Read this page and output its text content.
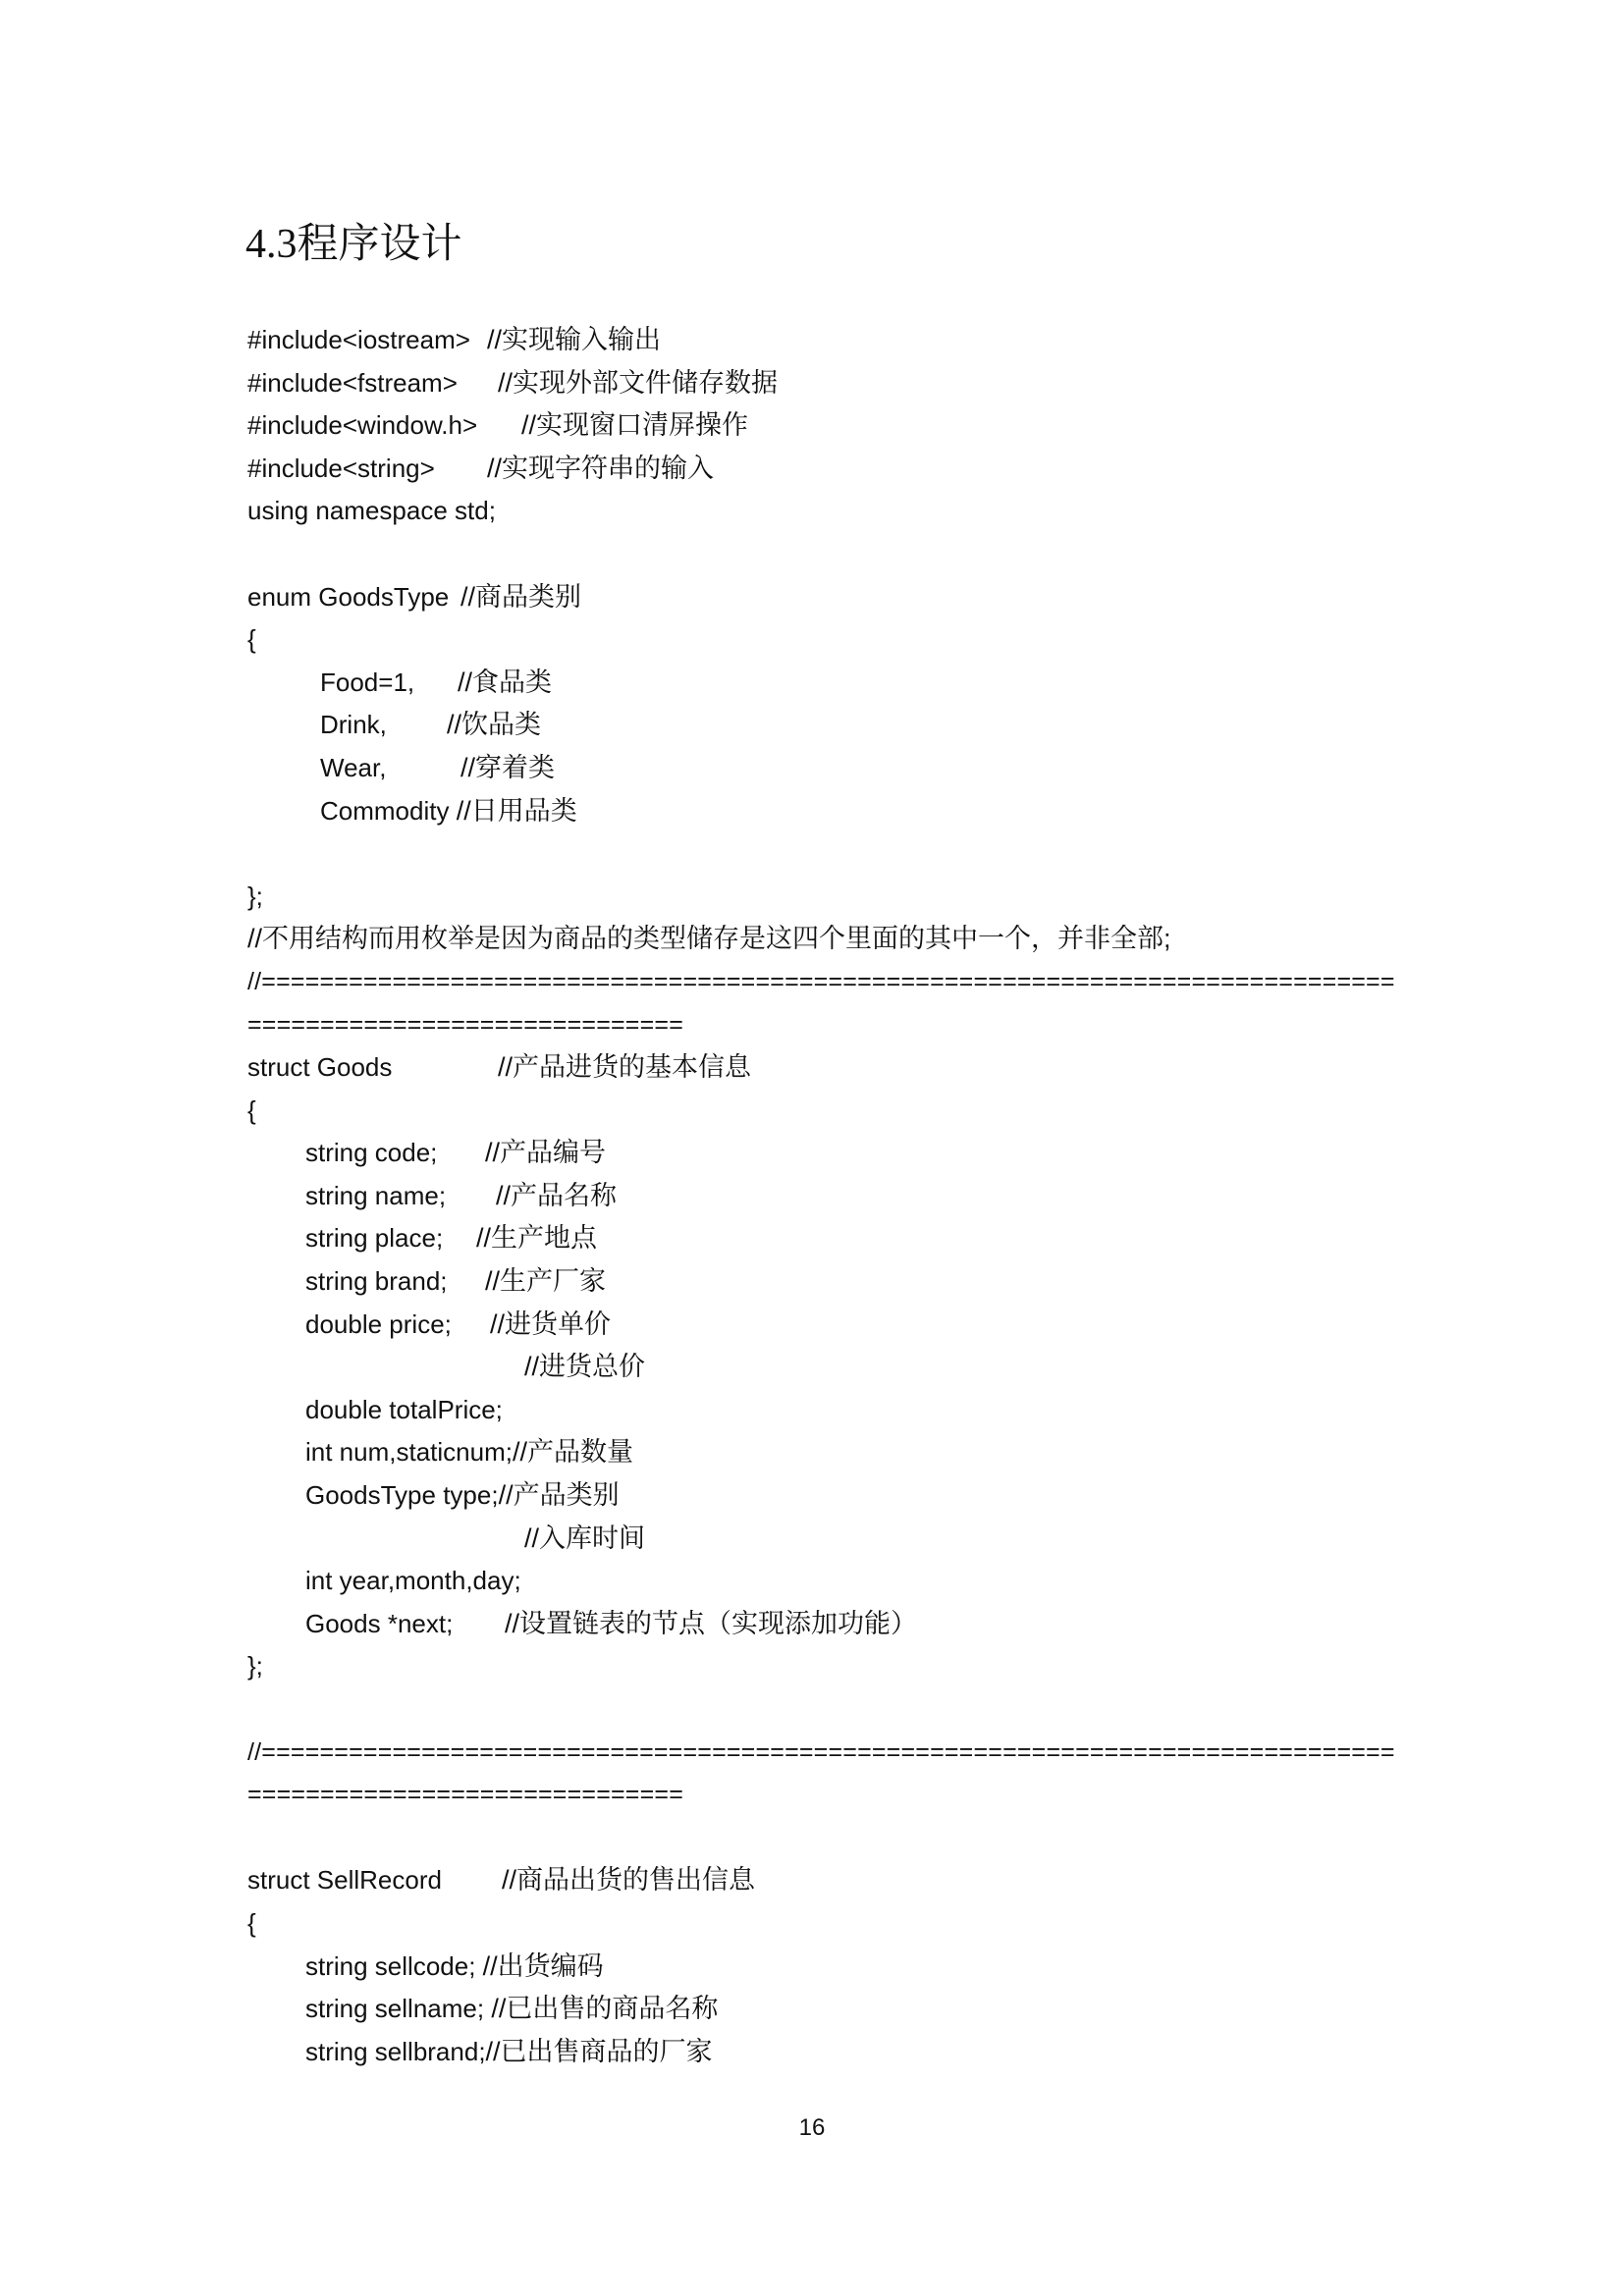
4.3程序设计
#include<iostream> //实现输入输出
#include<fstream> //实现外部文件储存数据
#include<window.h> //实现窗口清屏操作
#include<string> //实现字符串的输入
using namespace std;
enum GoodsType //商品类别
{
Food=1, //食品类
Drink, //饮品类
Wear,	//穿着类
Commodity //日用品类
};
//不用结构而用枚举是因为商品的类型储存是这四个里面的其中一个，并非全部;
//==============================================================================
==============================
struct Goods	//产品进货的基本信息
{
string code; //产品编号
string name; //产品名称
string place; //生产地点
string brand; //生产厂家
double price; //进货单价
//进货总价
double totalPrice;
int num,staticnum;//产品数量
GoodsType type;//产品类别
//入库时间
int year,month,day;
Goods *next; //设置链表的节点（实现添加功能）
};
//==============================================================================
==============================
struct SellRecord //商品出货的售出信息
{
string sellcode; //出货编码
string sellname; //已出售的商品名称
string sellbrand;//已出售商品的厂家
16
